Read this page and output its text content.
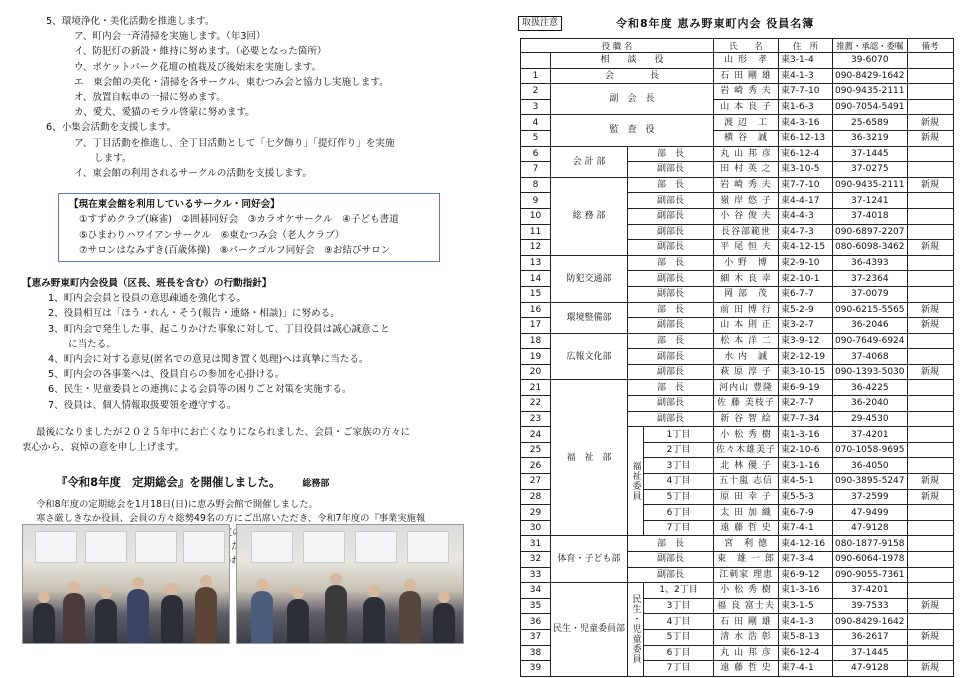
5、環境浄化・美化活動を推進します。
ア、町内会一斉清掃を実施します。（年3回）
イ、防犯灯の新設・維持に努めます。（必要となった箇所）
ウ、ポケットパーク花壇の植栽及び後始末を実施します。
エ　東会館の美化・清掃を各サークル、東むつみ会と協力し実施します。
オ、放置自転車の一掃に努めます。
カ、愛犬、愛猫のモラル啓蒙に努めます。
6、小集会活動を支援します。
ア、丁目活動を推進し、全丁目活動として「七夕飾り」「提灯作り」を実施
します。
イ、東会館の利用されるサークルの活動を支援します。
【現在東会館を利用しているサークル・同好会】
①すずめクラブ(麻雀)　②囲碁同好会　③カラオケサークル　④子ども書道
⑤ひまわりハワイアンサークル　⑥東むつみ会（老人クラブ）
⑦サロンはなみずき(百歳体操)　⑧パークゴルフ同好会　⑨お結びサロン
【恵み野東町内会役員（区長、班長を含む）の行動指針】
1、町内会会員と役員の意思疎通を強化する。
2、役員相互は「ほう・れん・そう(報告・連絡・相談)」に努める。
3、町内会で発生した事、起こりかけた事象に対して、丁目役員は誠心誠意こと
に当たる。
4、町内会に対する意見(匿名での意見は聞き置く処理)へは真摯に当たる。
5、町内会の各事業へは、役員自らの参加を心掛ける。
6、民生・児童委員との連携による会員等の困りごと対策を実施する。
7、役員は、個人情報取扱要領を遵守する。
最後になりましたが２０２５年中にお亡くなりになられました、会員・ご家族の方々に
衷心から、哀悼の意を申し上げます。
『令和8年度　定期総会』を開催しました。 総務部
令和8年度の定期総会を1月18日(日)に恵み野会館で開催しました。
寒さ厳しきなか役員、会員の方々総勢49名の方にご出席いただき、令和7年度の『事業実施報
取扱注意	令和8年度 恵み野東町内会 役員名簿
役 職 名				氏　　名	住　所	推薦・承認・委嘱	備考
	相　　談　　役			山 形　孝	東3-1-4	39-6070	
1	会　　　　長			石 田 剛 雄	東4-1-3	090-8429-1642	
2	副　会　長			岩 崎 秀 夫	東7-7-10	090-9435-2111	
3				山 本 良 子	東1-6-3	090-7054-5491	
4	監　査　役			渡 辺　工	東4-3-16	25-6589	新規
5				横 谷　誠	東6-12-13	36-3219	新規
6	会 計 部	部　長		丸 山 邦 彦	東6-12-4	37-1445	
7		副部長		田 村 英 之	東3-10-5	37-0275	
8	総 務 部	部　長		岩 崎 秀 夫	東7-7-10	090-9435-2111	新規
9		副部長		嶺 岸 悠 子	東4-4-17	37-1241	
10		副部長		小 谷 俊 夫	東4-4-3	37-4018	
11		副部長		長谷部範世	東4-7-3	090-6897-2207	
12		副部長		平 尾 恒 夫	東4-12-15	080-6098-3462	新規
13	防犯交通部	部　長		小 野　博	東2-9-10	36-4393	
14		副部長		細 木 良 幸	東2-10-1	37-2364	
15		副部長		岡 部　茂	東6-7-7	37-0079	
16	環境整備部	部　長		前 田 博 行	東5-2-9	090-6215-5565	新規
17		副部長		山 本 則 正	東3-2-7	36-2046	新規
18	広報文化部	部　長		松 本 洋 二	東3-9-12	090-7649-6924	
19		副部長		水 内　誠	東2-12-19	37-4068	
20		副部長		萩 原 淳 子	東3-10-15	090-1393-5030	新規
21	福　祉　部	部　長		河内山 豊隆	東6-9-19	36-4225	
22		副部長		佐 藤 美枝子	東2-7-7	36-2040	
23		副部長		新 谷 智 絵	東7-7-34	29-4530	
24		福祉委員	1丁目	小 松 秀 樹	東1-3-16	37-4201	
25			2丁目	佐々木雄美子	東2-10-6	070-1058-9695	
26			3丁目	北 林 優 子	東3-1-16	36-4050	
27			4丁目	五十嵐 志信	東4-5-1	090-3895-5247	新規
28			5丁目	原 田 幸 子	東5-5-3	37-2599	新規
29			6丁目	太 田 加 織	東6-7-9	47-9499	
30			7丁目	遠 藤 哲 史	東7-4-1	47-9128	
31	体育・子ども部	部　長		宮　利 德	東4-12-16	080-1877-9158	
32		副部長		東　雄 一 郎	東7-3-4	090-6064-1978	
33		副部長		江刺家 理恵	東6-9-12	090-9055-7361	
34	民生・児童委員部	民生・児童委員	1、2丁目	小 松 秀 樹	東1-3-16	37-4201	
35			3丁目	福 良 富士夫	東3-1-5	39-7533	新規
36			4丁目	石 田 剛 雄	東4-1-3	090-8429-1642	
37			5丁目	清 水 浩 彰	東5-8-13	36-2617	新規
38			6丁目	丸 山 邦 彦	東6-12-4	37-1445	
39			7丁目	遠 藤 哲 史	東7-4-1	47-9128	新規
